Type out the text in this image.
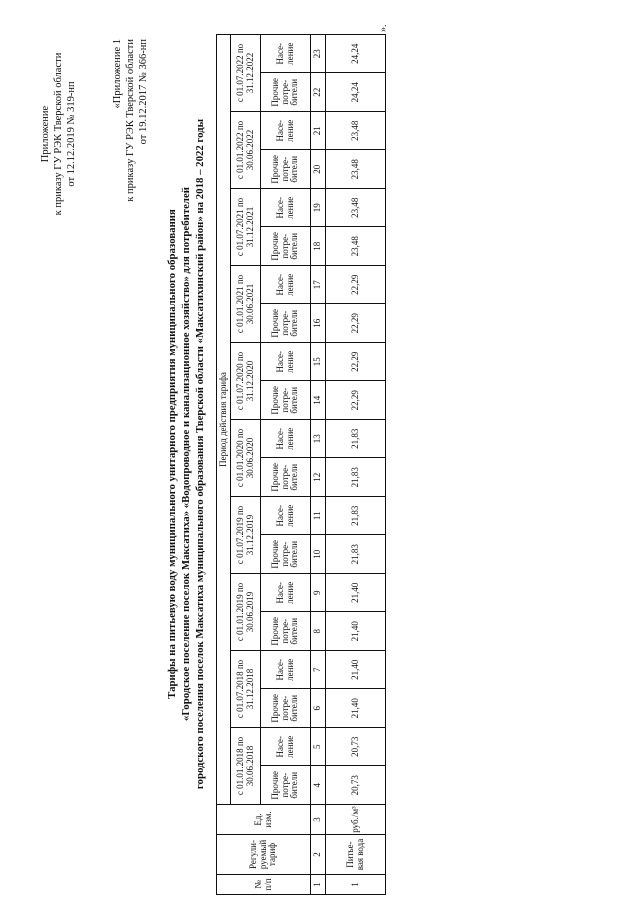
Приложение к приказу ГУ РЭК Тверской области от 12.12.2019 № 319-нп
«Приложение 1 к приказу ГУ РЭК Тверской области от 19.12.2017 № 366-нп
Тарифы на питьевую воду муниципального унитарного предприятия муниципального образования «Городское поселение поселок Максатиха» «Водопроводное и канализационное хозяйство» для потребителей городского поселения поселок Максатиха муниципального образования Тверской области «Максатихинский район» на 2018 – 2022 годы
№ п/п	Регули-руемый тариф	Ед. изм.	Период действия тарифа																			
			с 01.01.2018 по 30.06.2018		с 01.07.2018 по 31.12.2018		с 01.01.2019 по 30.06.2019		с 01.07.2019 по 31.12.2019		с 01.01.2020 по 30.06.2020		с 01.07.2020 по 31.12.2020		с 01.01.2021 по 30.06.2021		с 01.07.2021 по 31.12.2021		с 01.01.2022 по 30.06.2022		с 01.07.2022 по 31.12.2022	
			Прочие потре-бители	Насе-ление	Прочие потре-бители	Насе-ление	Прочие потре-бители	Насе-ление	Прочие потре-бители	Насе-ление	Прочие потре-бители	Насе-ление	Прочие потре-бители	Насе-ление	Прочие потре-бители	Насе-ление	Прочие потре-бители	Насе-ление	Прочие потре-бители	Насе-ление	Прочие потре-бители	Насе-ление
1	2	3	4	5	6	7	8	9	10	11	12	13	14	15	16	17	18	19	20	21	22	23
1	Питье-вая вода	руб./м³	20,73	20,73	21,40	21,40	21,40	21,40	21,83	21,83	21,83	21,83	22,29	22,29	22,29	22,29	23,48	23,48	23,48	23,48	24,24	24,24
».
